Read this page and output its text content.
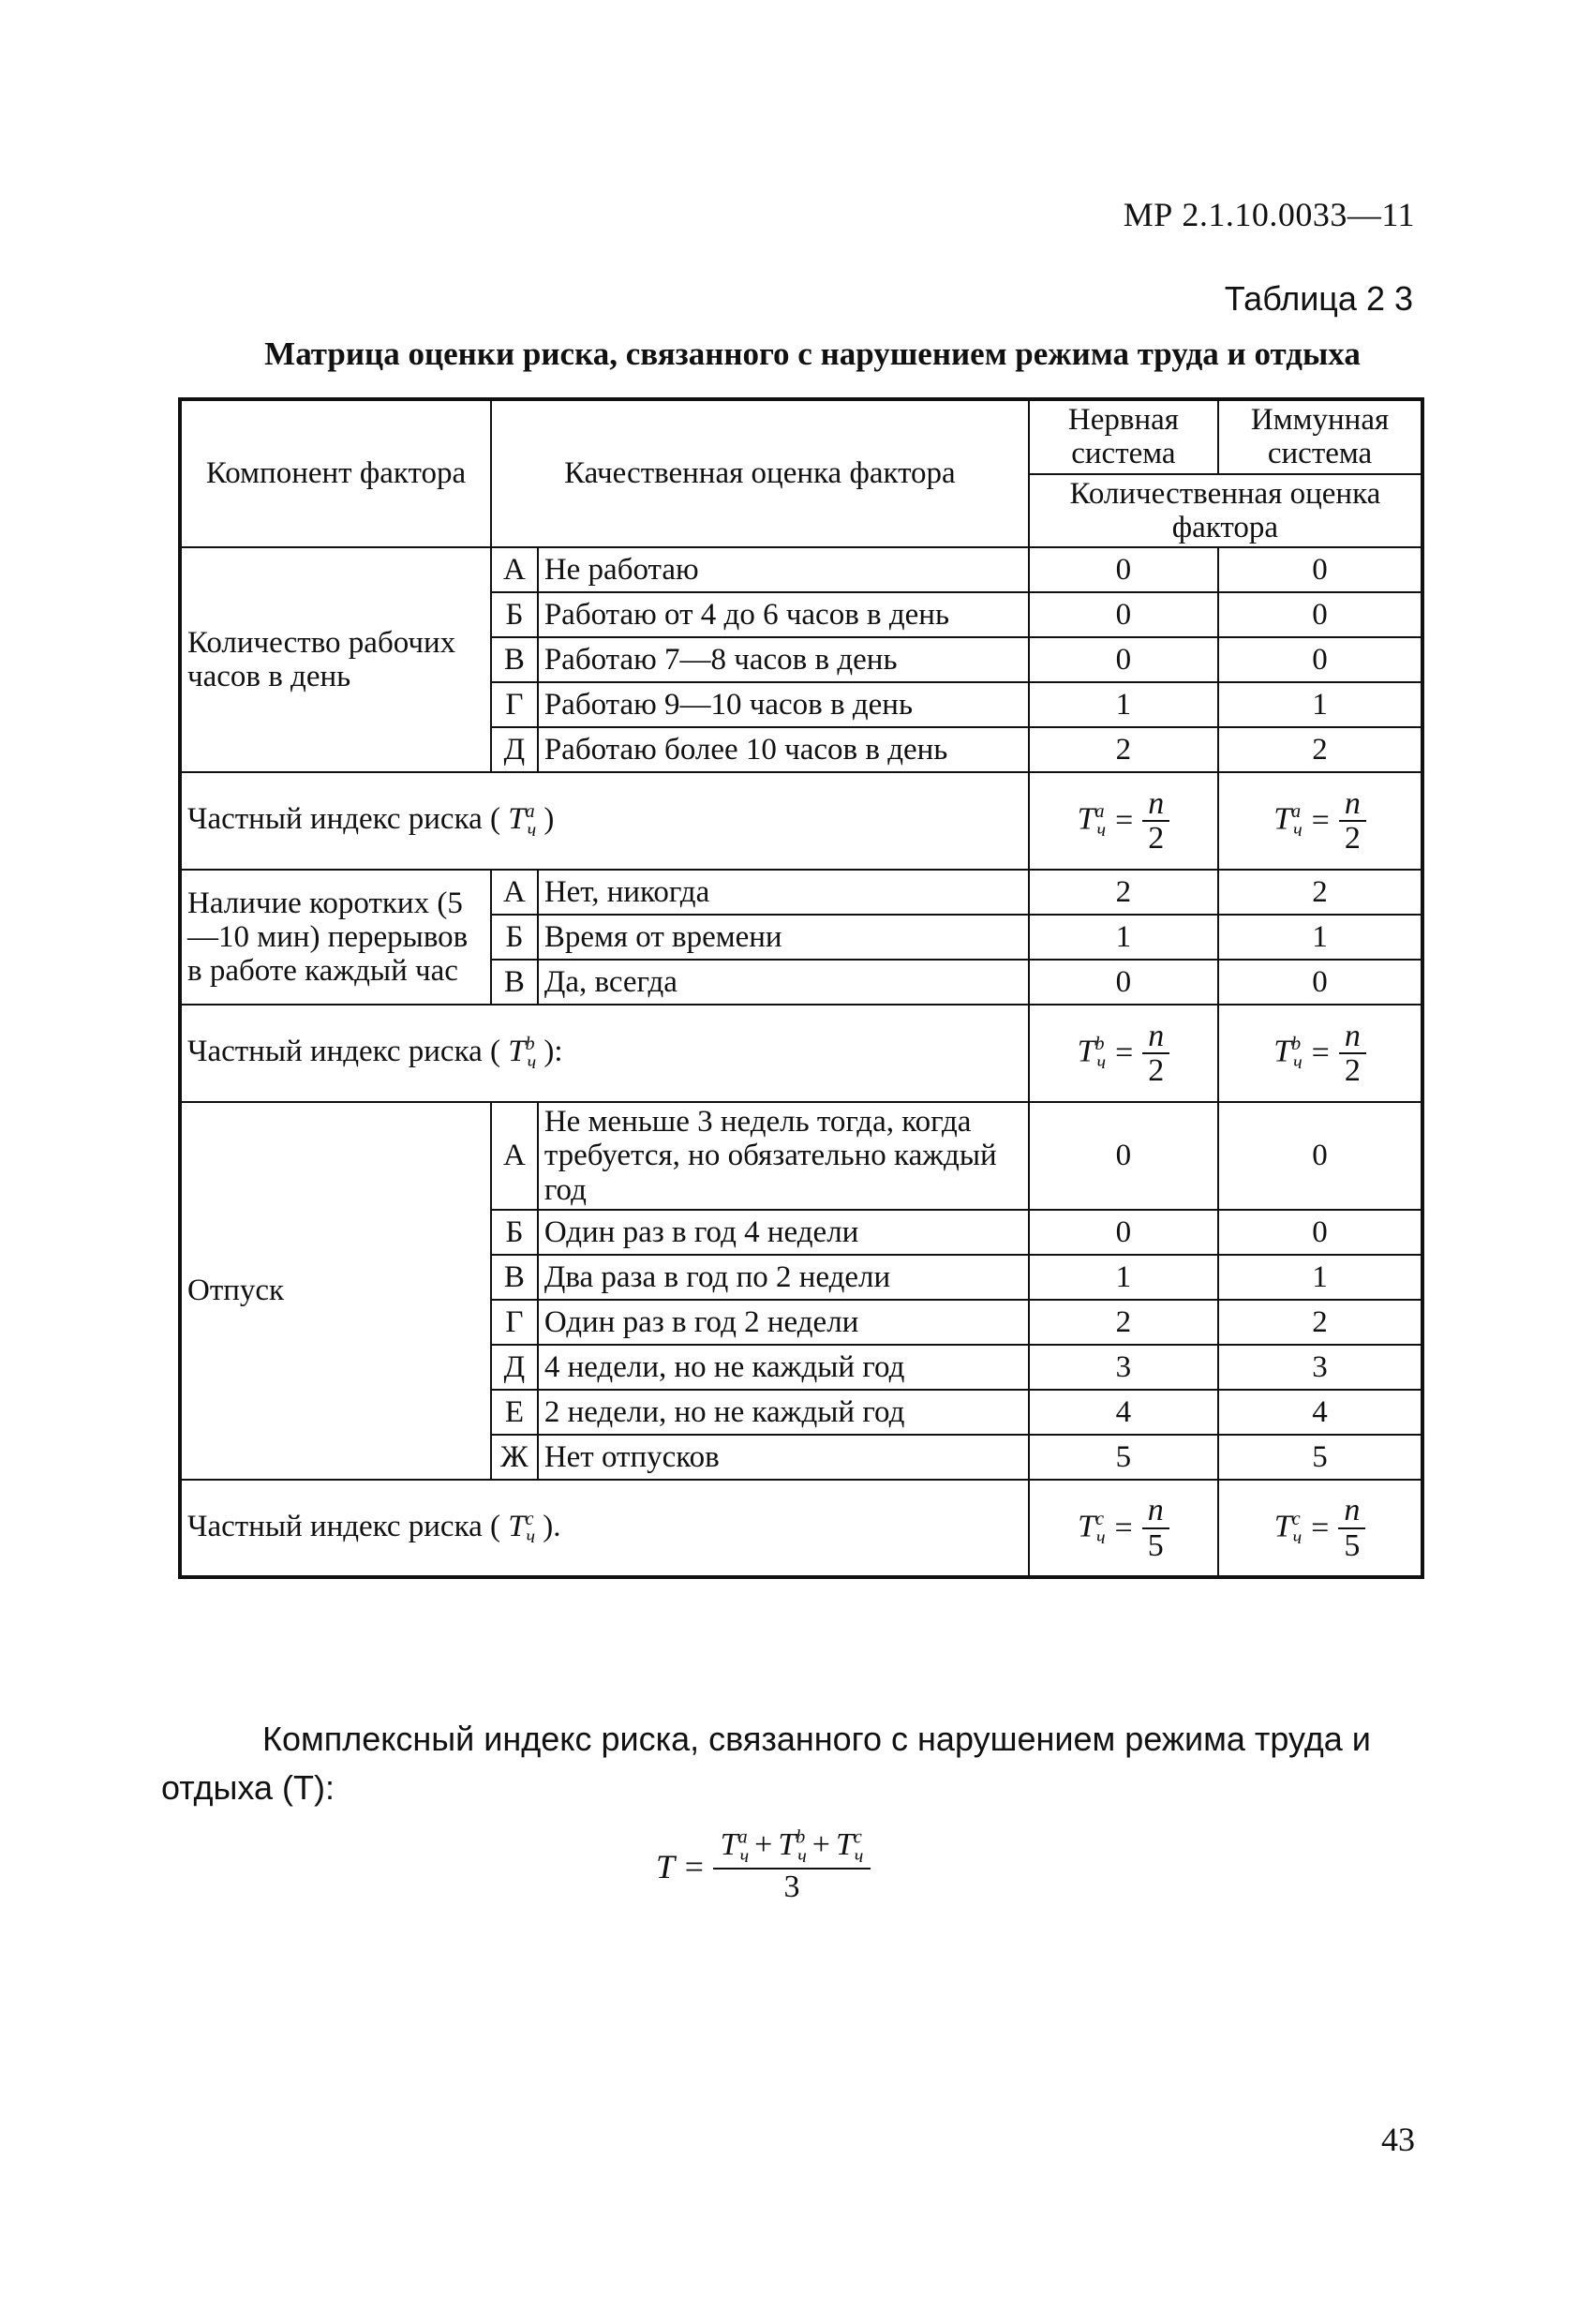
МР 2.1.10.0033—11
Таблица 2 3
Матрица оценки риска, связанного с нарушением режима труда и отдыха
Компонент фактора	Качественная оценка фактора		Нервная система	Иммунная система
			Количественная оценка фактора	
Количество рабочих часов в день	А	Не работаю	0	0
	Б	Работаю от 4 до 6 часов в день	0	0
	В	Работаю 7—8 часов в день	0	0
	Г	Работаю 9—10 часов в день	1	1
	Д	Работаю более 10 часов в день	2	2
Частный индекс риска ( $T^a_ч$ )			$T^a_ч = \frac{n}{2}$	$T^a_ч = \frac{n}{2}$

Наличие коротких (5—10 мин) перерывов в работе каждый час	А	Нет, никогда	2	2
	Б	Время от времени	1	1
	В	Да, всегда	0	0
Частный индекс риска ( $T^b_ч$ ):			$T^b_ч = \frac{n}{2}$	$T^b_ч = \frac{n}{2}$

Отпуск	А	Не меньше 3 недель тогда, когда требуется, но обязательно каждый год	0	0
	Б	Один раз в год 4 недели	0	0
	В	Два раза в год по 2 недели	1	1
	Г	Один раз в год 2 недели	2	2
	Д	4 недели, но не каждый год	3	3
	Е	2 недели, но не каждый год	4	4
	Ж	Нет отпусков	5	5
Частный индекс риска ( $T^c_ч$ ).			$T^c_ч = \frac{n}{5}$	$T^c_ч = \frac{n}{5}$
Комплексный индекс риска, связанного с нарушением режима труда и отдыха (T):
$T = \frac{T^a_ч + T^b_ч + T^c_ч}{3}$
43
